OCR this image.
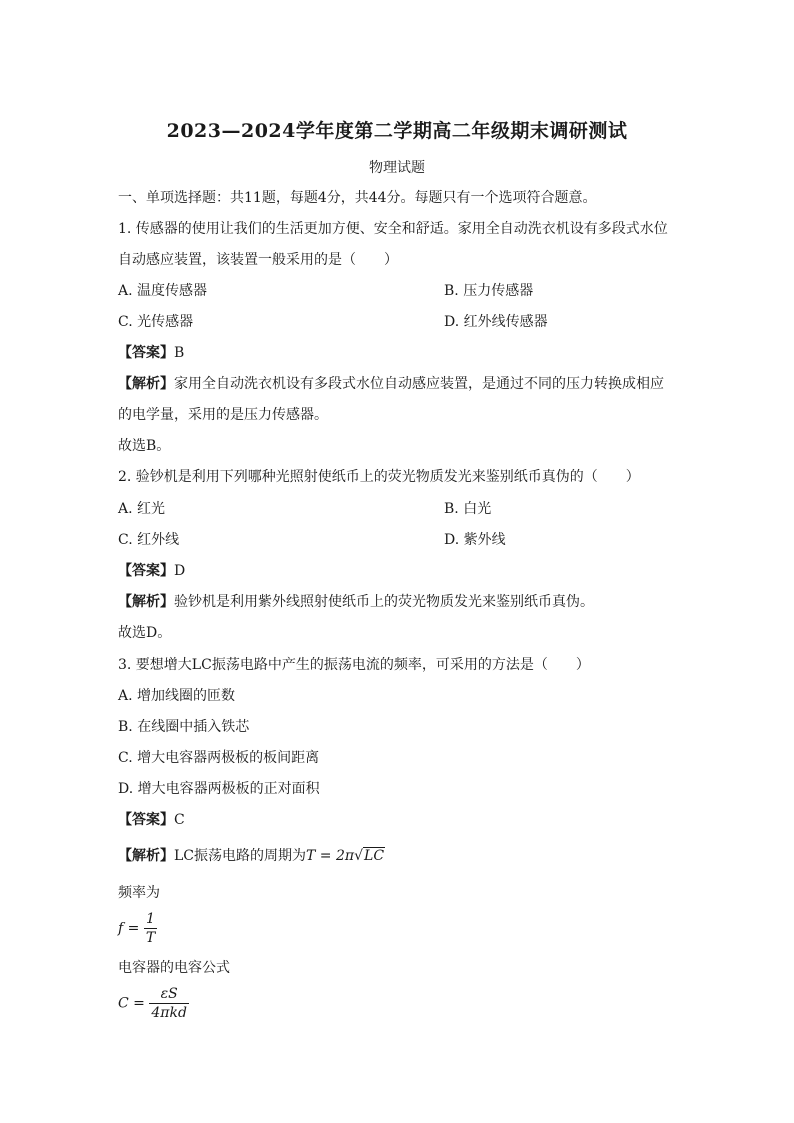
2023—2024学年度第二学期高二年级期末调研测试
物理试题
一、单项选择题：共11题，每题4分，共44分。每题只有一个选项符合题意。
1. 传感器的使用让我们的生活更加方便、安全和舒适。家用全自动洗衣机设有多段式水位
自动感应装置，该装置一般采用的是（　　）
A. 温度传感器	B. 压力传感器
C. 光传感器	D. 红外线传感器
【答案】B
【解析】家用全自动洗衣机设有多段式水位自动感应装置，是通过不同的压力转换成相应
的电学量，采用的是压力传感器。
故选B。
2. 验钞机是利用下列哪种光照射使纸币上的荧光物质发光来鉴别纸币真伪的（　　）
A. 红光	B. 白光
C. 红外线	D. 紫外线
【答案】D
【解析】验钞机是利用紫外线照射使纸币上的荧光物质发光来鉴别纸币真伪。
故选D。
3. 要想增大LC振荡电路中产生的振荡电流的频率，可采用的方法是（　　）
A. 增加线圈的匝数
B. 在线圈中插入铁芯
C. 增大电容器两极板的板间距离
D. 增大电容器两极板的正对面积
【答案】C
【解析】LC振荡电路的周期为T = 2π√LC
频率为
$f = \frac{1}{T}$
电容器的电容公式
$C = \frac{\varepsilon S}{\text{4πkd}}$
